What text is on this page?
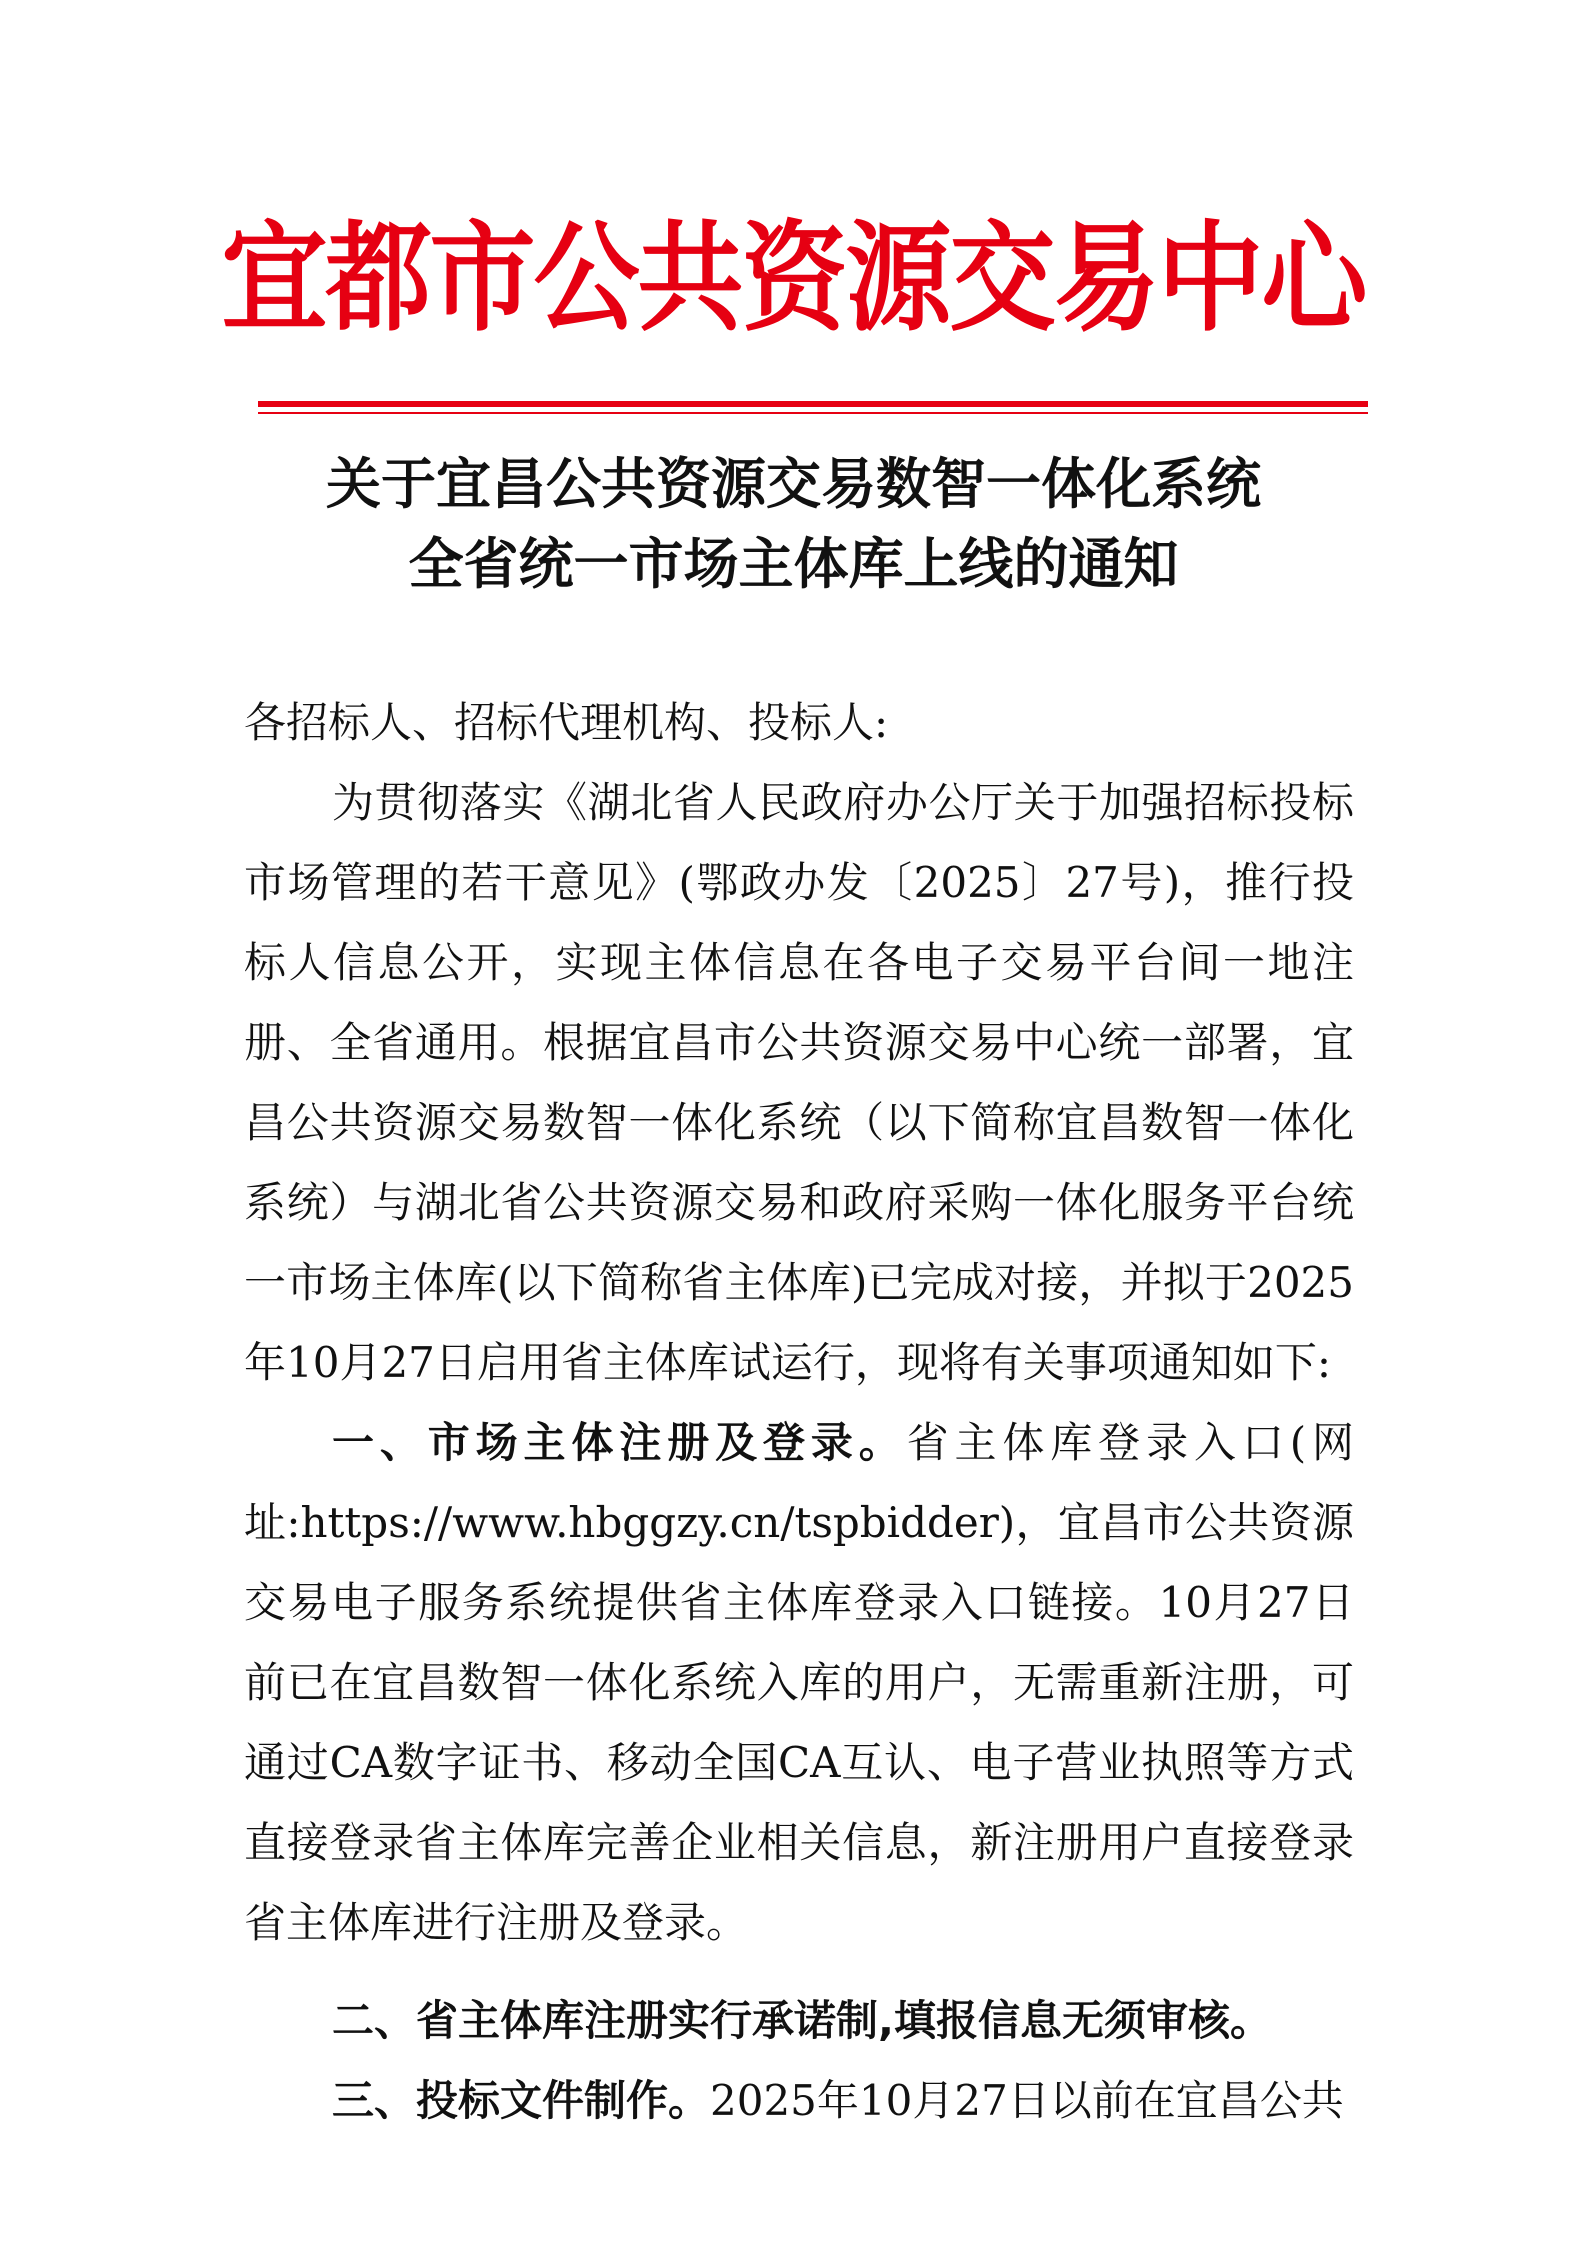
宜都市公共资源交易中心
关于宜昌公共资源交易数智一体化系统
全省统一市场主体库上线的通知

各招标人、招标代理机构、投标人:

为贯彻落实《湖北省人民政府办公厅关于加强招标投标市场管理的若干意见》(鄂政办发〔2025〕27号)，推行投标人信息公开，实现主体信息在各电子交易平台间一地注册、全省通用。根据宜昌市公共资源交易中心统一部署，宜昌公共资源交易数智一体化系统（以下简称宜昌数智一体化系统）与湖北省公共资源交易和政府采购一体化服务平台统一市场主体库(以下简称省主体库)已完成对接，并拟于2025年10月27日启用省主体库试运行，现将有关事项通知如下:

一、市场主体注册及登录。省主体库登录入口(网址:https://www.hbggzy.cn/tspbidder)，宜昌市公共资源交易电子服务系统提供省主体库登录入口链接。10月27日前已在宜昌数智一体化系统入库的用户，无需重新注册，可通过CA数字证书、移动全国CA互认、电子营业执照等方式直接登录省主体库完善企业相关信息，新注册用户直接登录省主体库进行注册及登录。

二、省主体库注册实行承诺制,填报信息无须审核。

三、投标文件制作。2025年10月27日以前在宜昌公共
